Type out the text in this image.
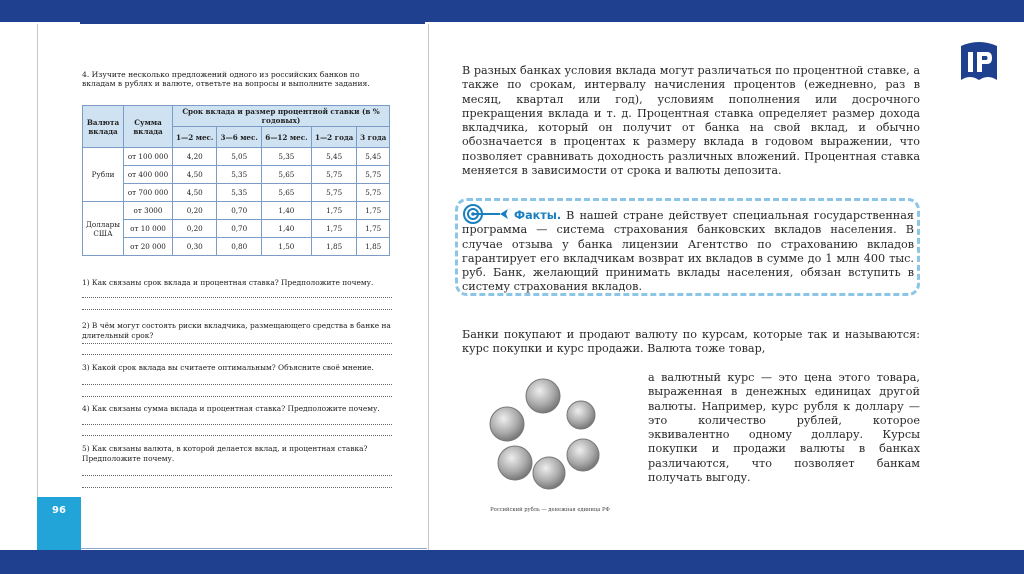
96
4. Изучите несколько предложений одного из российских банков по вкладам в рублях и валюте, ответьте на вопросы и выполните задания.
Валюта вклада	Сумма вклада	Срок вклада и размер процентной ставки (в % годовых)				
		1—2 мес.	3—6 мес.	6—12 мес.	1—2 года	3 года
Рубли	от 100 000	4,20	5,05	5,35	5,45	5,45
	от 400 000	4,50	5,35	5,65	5,75	5,75
	от 700 000	4,50	5,35	5,65	5,75	5,75
Доллары США	от 3000	0,20	0,70	1,40	1,75	1,75
	от 10 000	0,20	0,70	1,40	1,75	1,75
	от 20 000	0,30	0,80	1,50	1,85	1,85
1) Как связаны срок вклада и процентная ставка? Предположите почему.
2) В чём могут состоять риски вкладчика, размещающего средства в банке на длительный срок?
3) Какой срок вклада вы считаете оптимальным? Объясните своё мнение.
4) Как связаны сумма вклада и процентная ставка? Предположите почему.
5) Как связаны валюта, в которой делается вклад, и процентная ставка? Предположите почему.
В разных банках условия вклада могут различаться по процентной ставке, а также по срокам, интервалу начисления процентов (ежедневно, раз в месяц, квартал или год), условиям пополнения или досрочного прекращения вклада и т. д. Процентная ставка определяет размер дохода вкладчика, который он получит от банка на свой вклад, и обычно обозначается в процентах к размеру вклада в годовом выражении, что позволяет сравнивать доходность различных вложений. Процентная ставка меняется в зависимости от срока и валюты депозита.
Факты. В нашей стране действует специальная государственная программа — система страхования банковских вкладов населения. В случае отзыва у банка лицензии Агентство по страхованию вкладов гарантирует его вкладчикам возврат их вкладов в сумме до 1 млн 400 тыс. руб. Банк, желающий принимать вклады населения, обязан вступить в систему страхования вкладов.
Банки покупают и продают валюту по курсам, которые так и называются: курс покупки и курс продажи. Валюта тоже товар,
а валютный курс — это цена этого товара, выраженная в денежных единицах другой валюты. Например, курс рубля к доллару — это количество рублей, которое эквивалентно одному доллару. Курсы покупки и продажи валюты в банках различаются, что позволяет банкам получать выгоду.
Российский рубль — денежная единица РФ
